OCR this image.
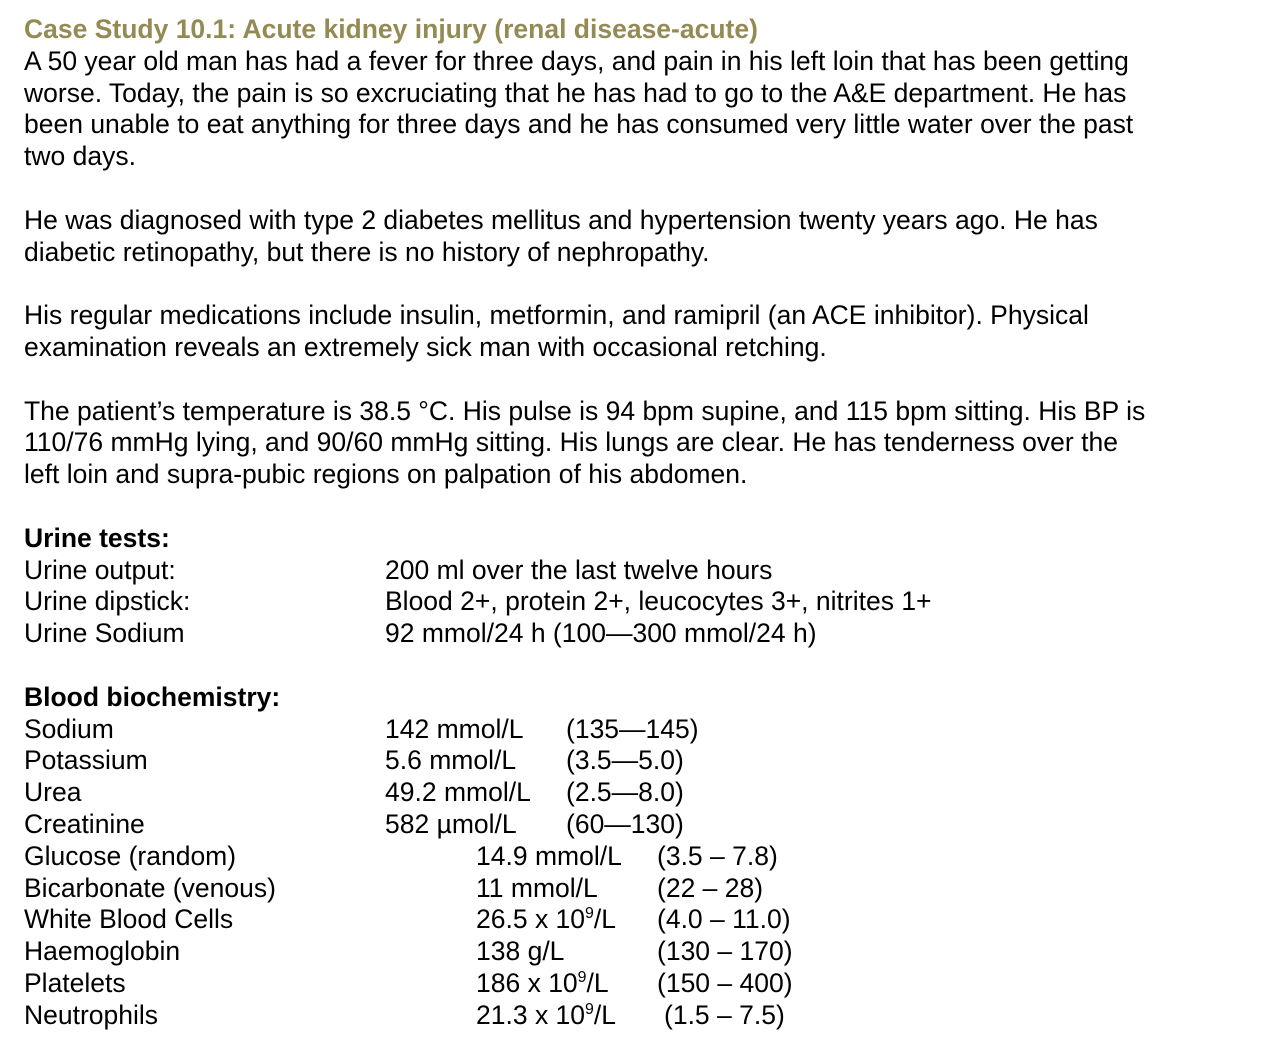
Case Study 10.1: Acute kidney injury (renal disease-acute)

A 50 year old man has had a fever for three days, and pain in his left loin that has been getting worse. Today, the pain is so excruciating that he has had to go to the A&E department. He has been unable to eat anything for three days and he has consumed very little water over the past two days.

He was diagnosed with type 2 diabetes mellitus and hypertension twenty years ago. He has diabetic retinopathy, but there is no history of nephropathy.

His regular medications include insulin, metformin, and ramipril (an ACE inhibitor). Physical examination reveals an extremely sick man with occasional retching.

The patient’s temperature is 38.5 °C. His pulse is 94 bpm supine, and 115 bpm sitting. His BP is 110/76 mmHg lying, and 90/60 mmHg sitting. His lungs are clear. He has tenderness over the left loin and supra-pubic regions on palpation of his abdomen.

Urine tests:
Urine output:	200 ml over the last twelve hours
Urine dipstick:	Blood 2+, protein 2+, leucocytes 3+, nitrites 1+
Urine Sodium	92 mmol/24 h (100—300 mmol/24 h)
Blood biochemistry:
Sodium	142 mmol/L (135—145)
Potassium	5.6 mmol/L (3.5—5.0)
Urea	49.2 mmol/L (2.5—8.0)
Creatinine	582 µmol/L (60—130)
Glucose (random)	14.9 mmol/L (3.5 – 7.8)
Bicarbonate (venous)	11 mmol/L (22 – 28)
White Blood Cells	26.5 x $10^9/L$ (4.0 – 11.0)
Haemoglobin	138 g/L	(130 – 170)
Platelets	186 x $10^9/L$ (150 – 400)
Neutrophils	21.3 x $10^9/L$ (1.5 – 7.5)
